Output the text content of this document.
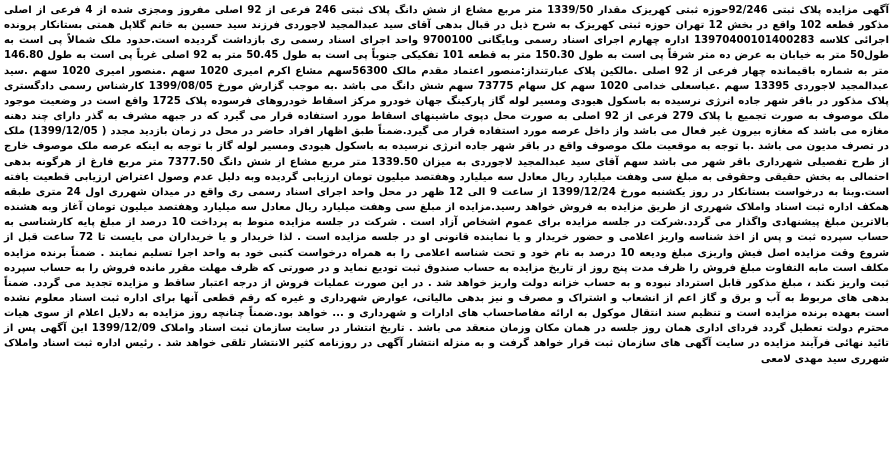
آگهی مزایده پلاک ثبتی 92/246حوزه ثبتی کهریزک مقدار 1339/50 متر مربع مشاع از شش دانگ پلاک ثبتی 246 فرعی از 92 اصلی مفروز ومجزی شده از 4 فرعی از اصلی مذکور قطعه 102 واقع در بخش 12 تهران حوزه ثبتی کهریزک به شرح ذیل در قبال بدهی آقای سید عبدالمجید لاجوردی فرزند سید حسین به خانم گلاپل همتی بستانکار پرونده اجرائی کلاسه 13970400101400283 اداره چهارم اجرای اسناد رسمی وبایگانی 9700100 واحد اجرای اسناد رسمی ری بازداشت گردیده است.حدود ملک شمالاً پی است به طول50 متر به خیابان به عرض ده متر شرقاً پی است به طول 150.30 متر به قطعه 101 تفکیکی جنوباً پی است به طول 50.45 متر به 92 اصلی غرباً پی است به طول 146.80 متر به شماره باقیمانده چهار فرعی از 92 اصلی .مالکین پلاک عبارتنداز:منصور اعتماد مقدم مالک 56300سهم مشاع اکرم امیری 1020 سهم .منصور امیری 1020 سهم .سید عبدالمجید لاجوردی 13395 سهم .عباسعلی خدامی 1020 سهم کل سهام 73775 سهم شش دانگ می باشد .به موجب گزارش مورخ 1399/08/05 کارشناس رسمی دادگستری پلاک مذکور در باقر شهر جاده انرژی نرسیده به باسکول هیودی ومسیر لوله گاز پارکینگ جهان خودرو مرکز اسقاط خودروهای فرسوده پلاک 1725 واقع است در وضعیت موجود ملک موصوف به صورت تجمیع با پلاک 279 فرعی از 92 اصلی به صورت محل دپوی ماشینهای اسقاط مورد استفاده قرار می گیرد که در جبهه مشرف به گذر دارای چند دهنه مغازه می باشد که مغازه بیرون غیر فعال می باشد واز داخل عرصه مورد استفاده قرار می گیرد.ضمناً طبق اظهار افراد حاضر در محل در زمان بازدید مجدد ( 1399/12/05) ملک در تصرف مدیون می باشد .با توجه به موقعیت ملک موصوف واقع در باقر شهر جاده انرژی نرسیده به باسکول هیودی ومسیر لوله گاز با توجه به اینکه عرصه ملک موصوف خارج از طرح تفصیلی شهرداری باقر شهر می باشد سهم آقای سید عبدالمجید لاجوردی به میزان 1339.50 متر مربع مشاع از شش دانگ 7377.50 متر مربع فارغ از هرگونه بدهی احتمالی به بخش حقیقی وحقوقی به مبلغ سی وهفت میلیارد ریال معادل سه میلیارد وهفتصد میلیون تومان ارزیابی گردیده وبه دلیل عدم وصول اعتراض ارزیابی قطعیت یافته است.وبنا به درخواست بستانکار در روز یکشنبه مورخ 1399/12/24 از ساعت 9 الی 12 ظهر در محل واحد اجرای اسناد رسمی ری واقع در میدان شهرری اول 24 متری طبقه همکف اداره ثبت اسناد واملاک شهرری از طریق مزایده به فروش خواهد رسید.مزایده از مبلغ سی وهفت میلیارد ریال معادل سه میلیارد وهفتصد میلیون تومان آغاز وبه هشنده بالاترین مبلغ پیشنهادی واگذار می گردد.شرکت در جلسه مزایده برای عموم اشخاص آزاد است . شرکت در جلسه مزایده منوط به پرداخت 10 درصد از مبلغ پایه کارشناسی به حساب سپرده ثبت و پس از اخذ شناسه واریز اعلامی و حضور خریدار و یا نماینده قانونی او در جلسه مزایده است . لذا خریدار و یا خریداران می بایست تا 72 ساعت قبل از شروع وقت مزایده اصل فیش واریزی مبلغ ودیعه 10 درصد به نام خود و تحت شناسه اعلامی را به همراه درخواست کتبی خود به واحد اجرا تسلیم نمایند . ضمناً برنده مزایده مکلف است مابه التفاوت مبلغ فروش را ظرف مدت پنج روز از تاریخ مزایده به حساب صندوق ثبت تودیع نماید و در صورتی که ظرف مهلت مقرر مانده فروش را به حساب سپرده ثبت واریز نکند ، مبلغ مذکور قابل استرداد نبوده و به حساب خزانه دولت واریز خواهد شد . در این صورت عملیات فروش از درجه اعتبار ساقط و مزایده تجدید می گردد. ضمناً بدهی های مربوط به آب و برق و گاز اعم از انشعاب و اشتراک و مصرف و نیز بدهی مالیاتی، عوارض شهرداری و غیره که رقم قطعی آنها برای اداره ثبت اسناد معلوم نشده است بعهده برنده مزایده است و تنظیم سند انتقال موکول به ارائه مفاصاحساب های ادارات و شهرداری و ... خواهد بود.ضمناً چنانچه روز مزایده به دلایل اعلام از سوی هیات محترم دولت تعطیل گردد فردای اداری همان روز جلسه در همان مکان وزمان منعقد می باشد . تاریخ انتشار در سایت سازمان ثبت اسناد واملاک 1399/12/09 این آگهی پس از تائید نهائی فرآیند مزایده در سایت آگهی های سازمان ثبت قرار خواهد گرفت و به منزله انتشار آگهی در روزنامه کثیر الانتشار تلقی خواهد شد . رئیس اداره ثبت اسناد واملاک شهرری سید مهدی لامعی
